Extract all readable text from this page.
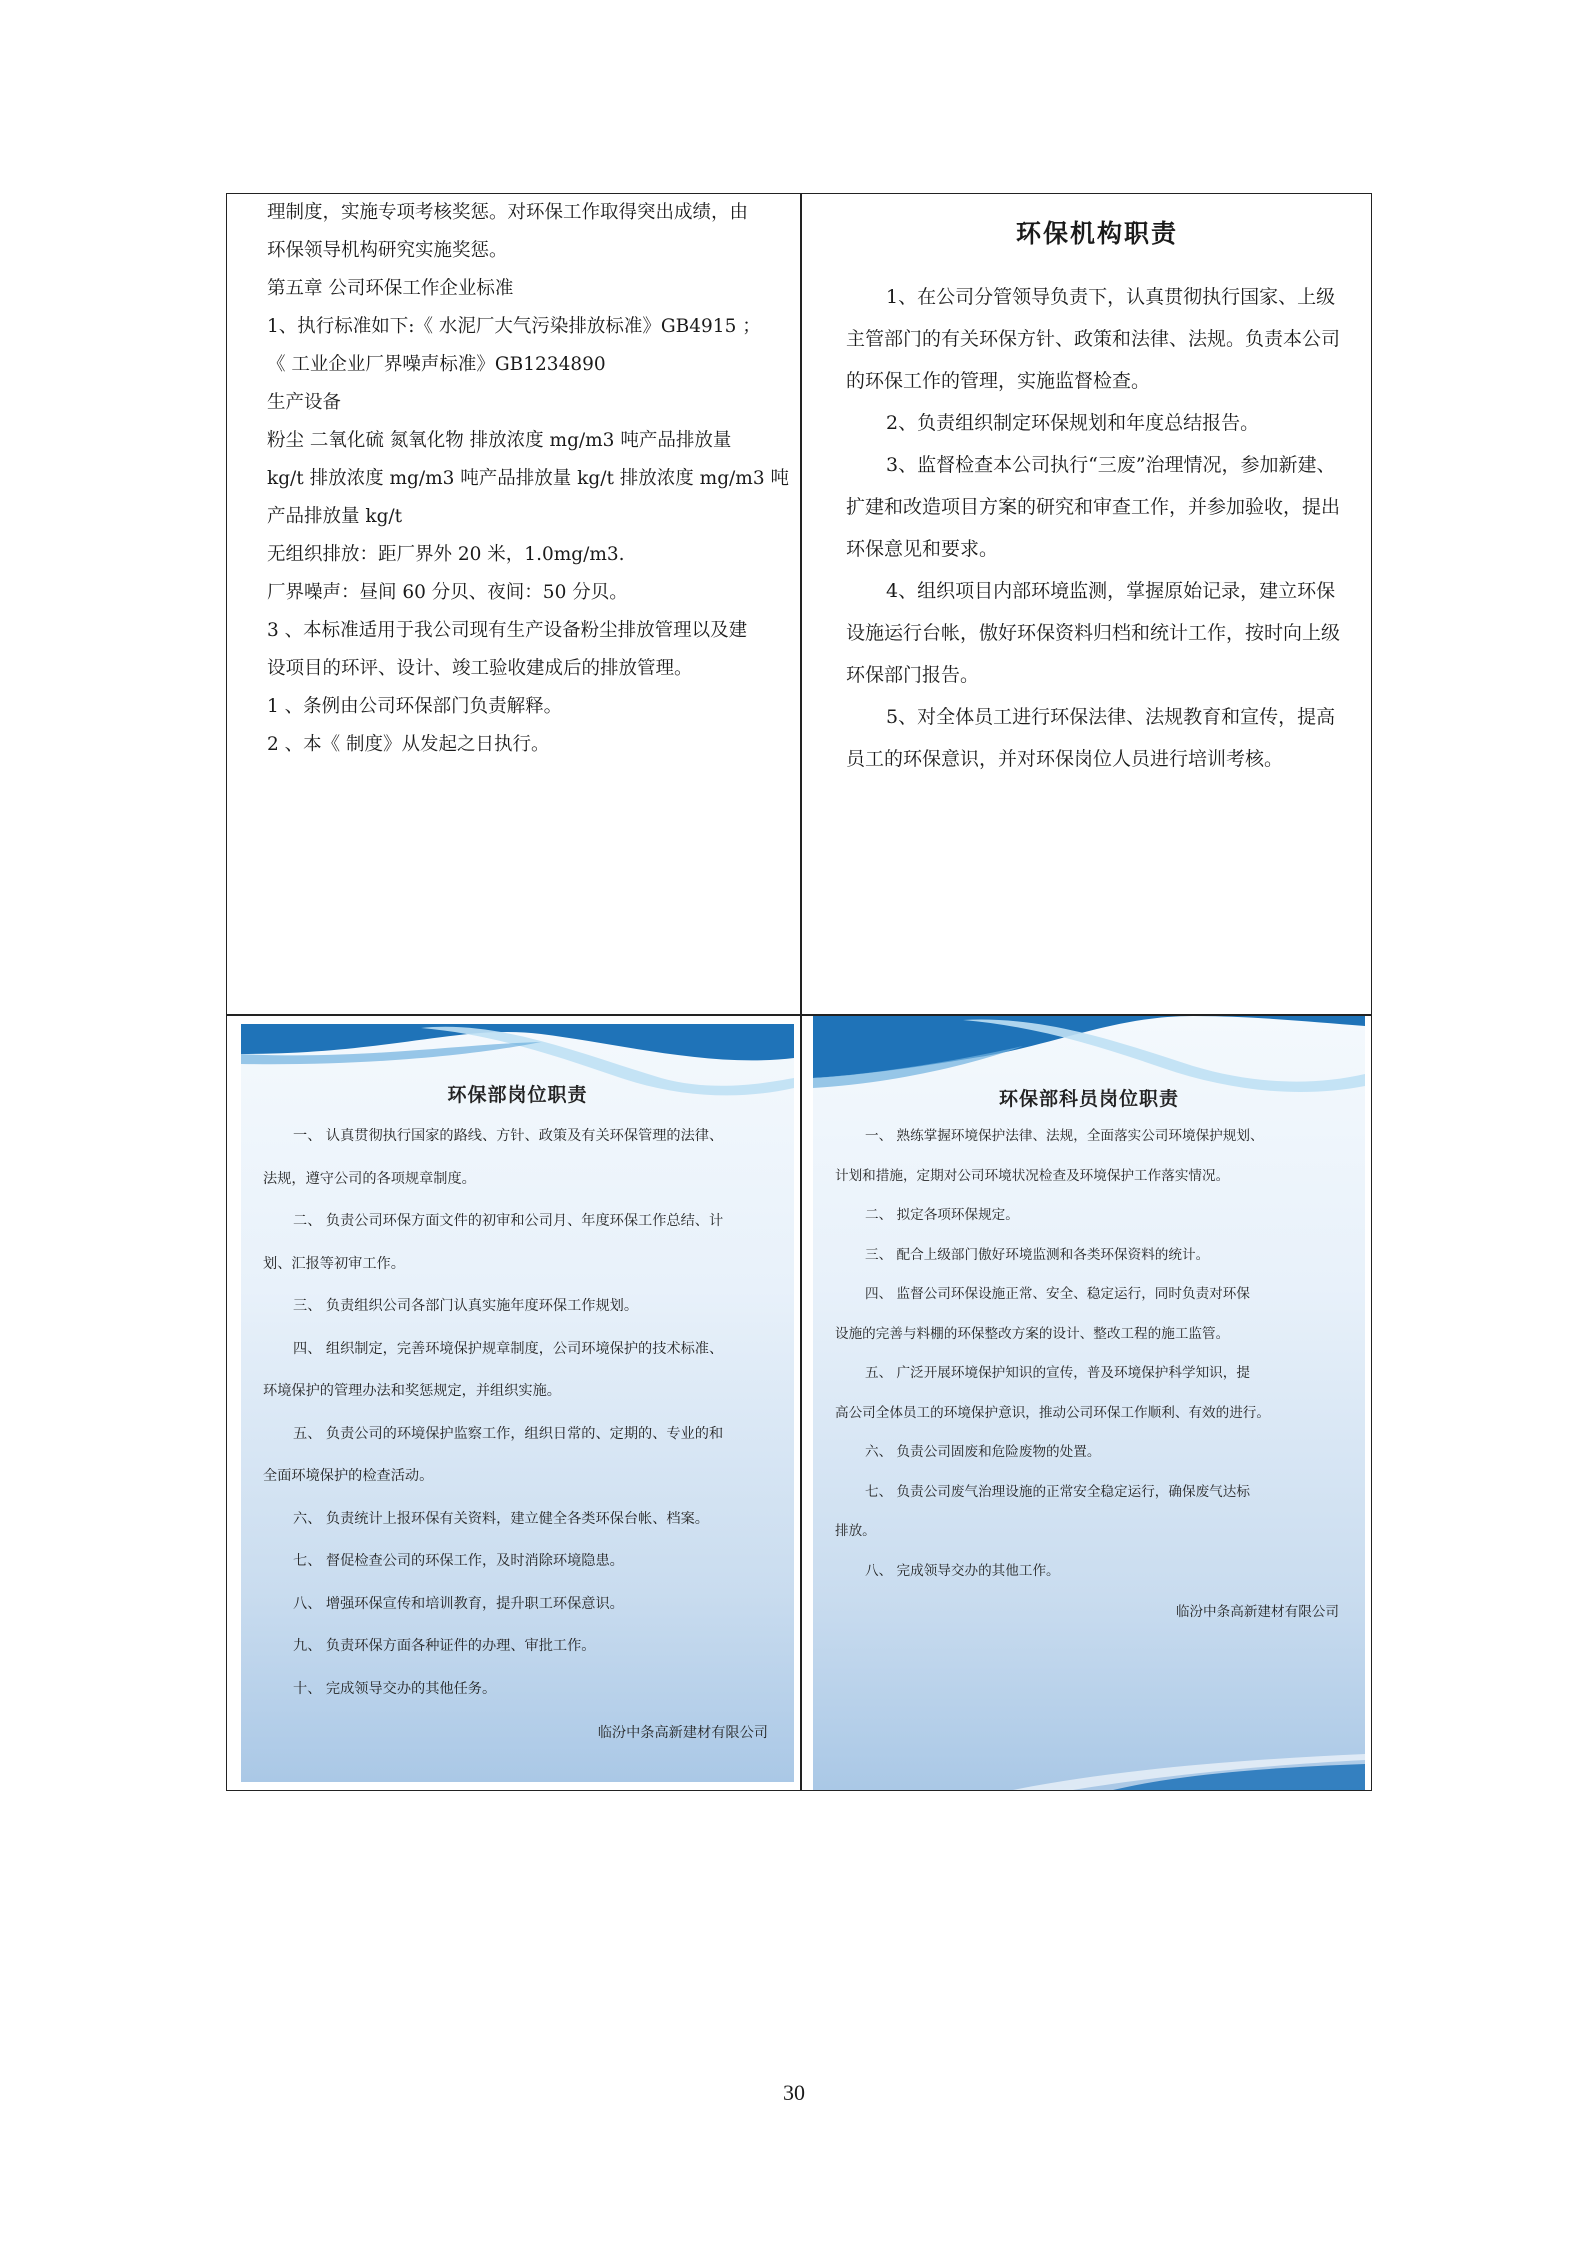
理制度，实施专项考核奖惩。对环保工作取得突出成绩，由

环保领导机构研究实施奖惩。

第五章 公司环保工作企业标准

1、执行标准如下:《 水泥厂大气污染排放标准》GB4915 ；

《 工业企业厂界噪声标准》GB1234890

生产设备

粉尘 二氧化硫 氮氧化物 排放浓度 mg/m3 吨产品排放量

kg/t 排放浓度 mg/m3 吨产品排放量 kg/t 排放浓度 mg/m3 吨

产品排放量 kg/t

无组织排放：距厂界外 20 米，1.0mg/m3.

厂界噪声：昼间 60 分贝、夜间：50 分贝。

3 、本标准适用于我公司现有生产设备粉尘排放管理以及建

设项目的环评、设计、竣工验收建成后的排放管理。

1 、条例由公司环保部门负责解释。

2 、本《 制度》从发起之日执行。

环保机构职责

1、在公司分管领导负责下，认真贯彻执行国家、上级

主管部门的有关环保方针、政策和法律、法规。负责本公司

的环保工作的管理，实施监督检查。

2、负责组织制定环保规划和年度总结报告。

3、监督检查本公司执行“三废”治理情况，参加新建、

扩建和改造项目方案的研究和审查工作，并参加验收，提出

环保意见和要求。

4、组织项目内部环境监测，掌握原始记录，建立环保

设施运行台帐，傲好环保资料归档和统计工作，按时向上级

环保部门报告。

5、对全体员工进行环保法律、法规教育和宣传，提高

员工的环保意识，并对环保岗位人员进行培训考核。

环保部岗位职责

一、 认真贯彻执行国家的路线、方针、政策及有关环保管理的法律、

法规，遵守公司的各项规章制度。

二、 负责公司环保方面文件的初审和公司月、年度环保工作总结、计

划、汇报等初审工作。

三、 负责组织公司各部门认真实施年度环保工作规划。

四、 组织制定，完善环境保护规章制度，公司环境保护的技术标准、

环境保护的管理办法和奖惩规定，并组织实施。

五、 负责公司的环境保护监察工作，组织日常的、定期的、专业的和

全面环境保护的检查活动。

六、 负责统计上报环保有关资料，建立健全各类环保台帐、档案。

七、 督促检查公司的环保工作，及时消除环境隐患。

八、 增强环保宣传和培训教育，提升职工环保意识。

九、 负责环保方面各种证件的办理、审批工作。

十、 完成领导交办的其他任务。

临汾中条高新建材有限公司

环保部科员岗位职责

一、 熟练掌握环境保护法律、法规，全面落实公司环境保护规划、

计划和措施，定期对公司环境状况检查及环境保护工作落实情况。

二、 拟定各项环保规定。

三、 配合上级部门傲好环境监测和各类环保资料的统计。

四、 监督公司环保设施正常、安全、稳定运行，同时负责对环保

设施的完善与料棚的环保整改方案的设计、整改工程的施工监管。

五、 广泛开展环境保护知识的宣传，普及环境保护科学知识，提

高公司全体员工的环境保护意识，推动公司环保工作顺利、有效的进行。

六、 负责公司固废和危险废物的处置。

七、 负责公司废气治理设施的正常安全稳定运行，确保废气达标

排放。

八、 完成领导交办的其他工作。

临汾中条高新建材有限公司

30
